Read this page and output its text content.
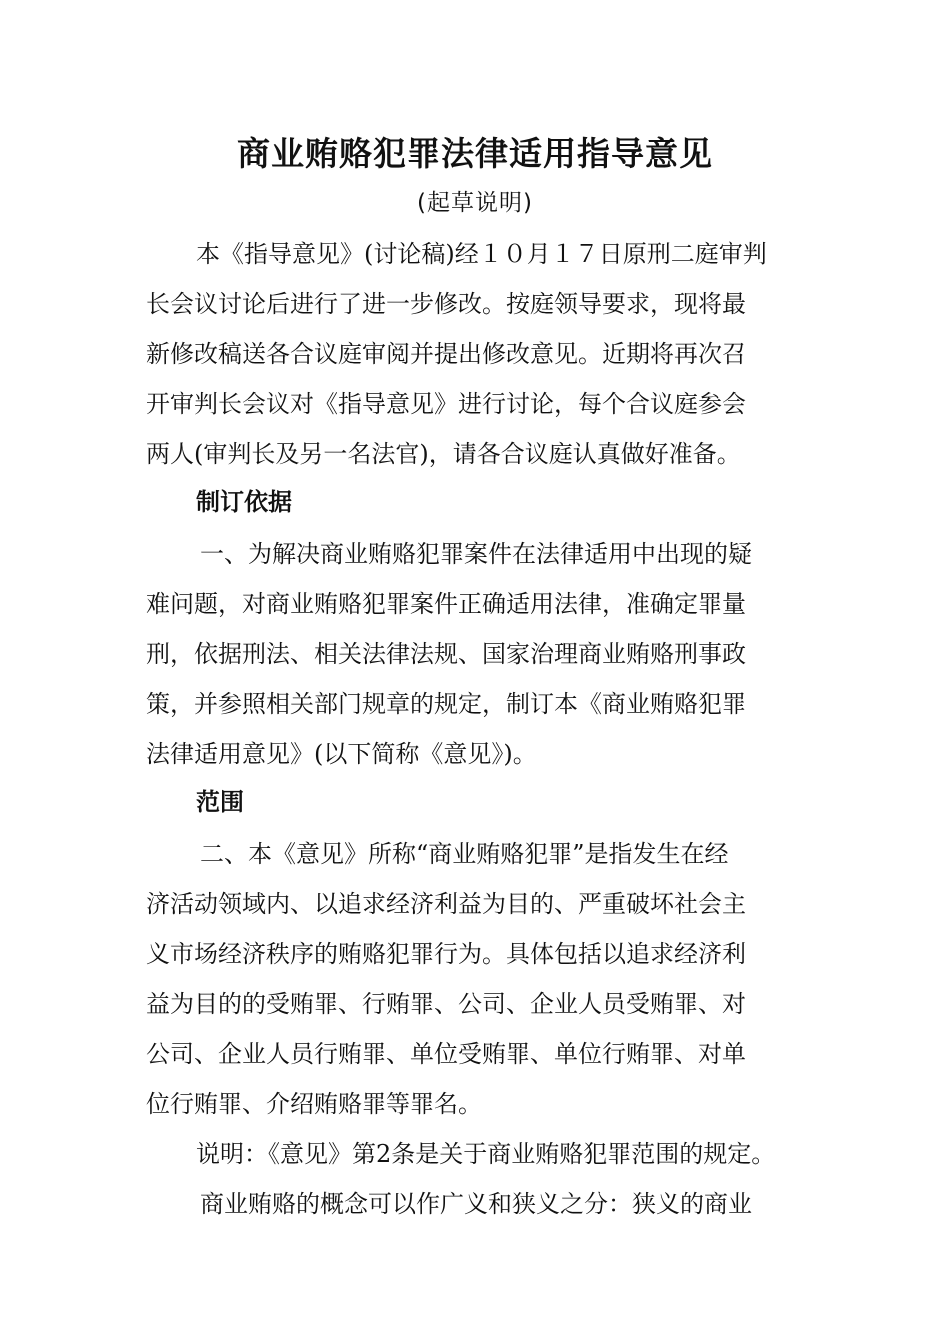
商业贿赂犯罪法律适用指导意见
(起草说明)
本《指导意见》(讨论稿)经１０月１７日原刑二庭审判
长会议讨论后进行了进一步修改。按庭领导要求，现将最
新修改稿送各合议庭审阅并提出修改意见。近期将再次召
开审判长会议对《指导意见》进行讨论，每个合议庭参会
两人(审判长及另一名法官)，请各合议庭认真做好准备。
制订依据
一、为解决商业贿赂犯罪案件在法律适用中出现的疑
难问题，对商业贿赂犯罪案件正确适用法律，准确定罪量
刑，依据刑法、相关法律法规、国家治理商业贿赂刑事政
策，并参照相关部门规章的规定，制订本《商业贿赂犯罪
法律适用意见》(以下简称《意见》)。
范围
二、本《意见》所称“商业贿赂犯罪”是指发生在经
济活动领域内、以追求经济利益为目的、严重破坏社会主
义市场经济秩序的贿赂犯罪行为。具体包括以追求经济利
益为目的的受贿罪、行贿罪、公司、企业人员受贿罪、对
公司、企业人员行贿罪、单位受贿罪、单位行贿罪、对单
位行贿罪、介绍贿赂罪等罪名。
说明：《意见》第2条是关于商业贿赂犯罪范围的规定。
商业贿赂的概念可以作广义和狭义之分：狭义的商业
